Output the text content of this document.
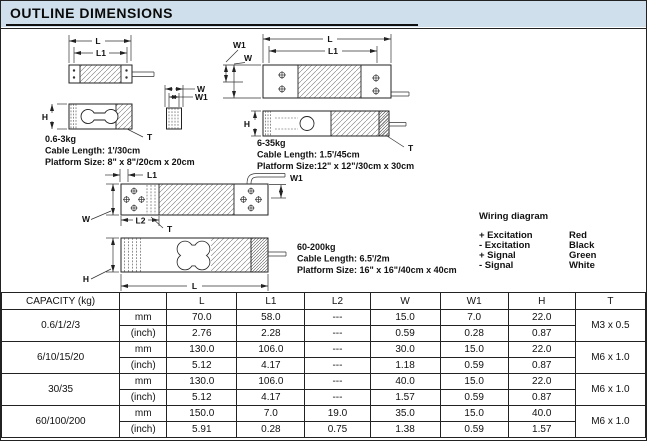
OUTLINE DIMENSIONS
L
L1
H
T
W
W1
0.6-3kg
Cable Length: 1'/30cm
Platform Size: 8" x 8"/20cm x 20cm
L
L1
W1
W
H
T
6-35kg
Cable Length: 1.5'/45cm
Platform Size:12" x 12"/30cm x 30cm
L1	W1
L2
T
W
H
L
60-200kg
Cable Length: 6.5'/2m
Platform Size: 16" x 16"/40cm x 40cm
Wiring diagram
+ Excitation	Red
- Excitation	Black
+ Signal	Green
- Signal	White
CAPACITY (kg)		L	L1	L2	W	W1	H	T
0.6/1/2/3	mm	70.0	58.0	---	15.0	7.0	22.0	M3 x 0.5
	(inch)	2.76	2.28	---	0.59	0.28	0.87	
6/10/15/20	mm	130.0	106.0	---	30.0	15.0	22.0	M6 x 1.0
	(inch)	5.12	4.17	---	1.18	0.59	0.87	
30/35	mm	130.0	106.0	---	40.0	15.0	22.0	M6 x 1.0
	(inch)	5.12	4.17	---	1.57	0.59	0.87	
60/100/200	mm	150.0	7.0	19.0	35.0	15.0	40.0	M6 x 1.0
	(inch)	5.91	0.28	0.75	1.38	0.59	1.57	
